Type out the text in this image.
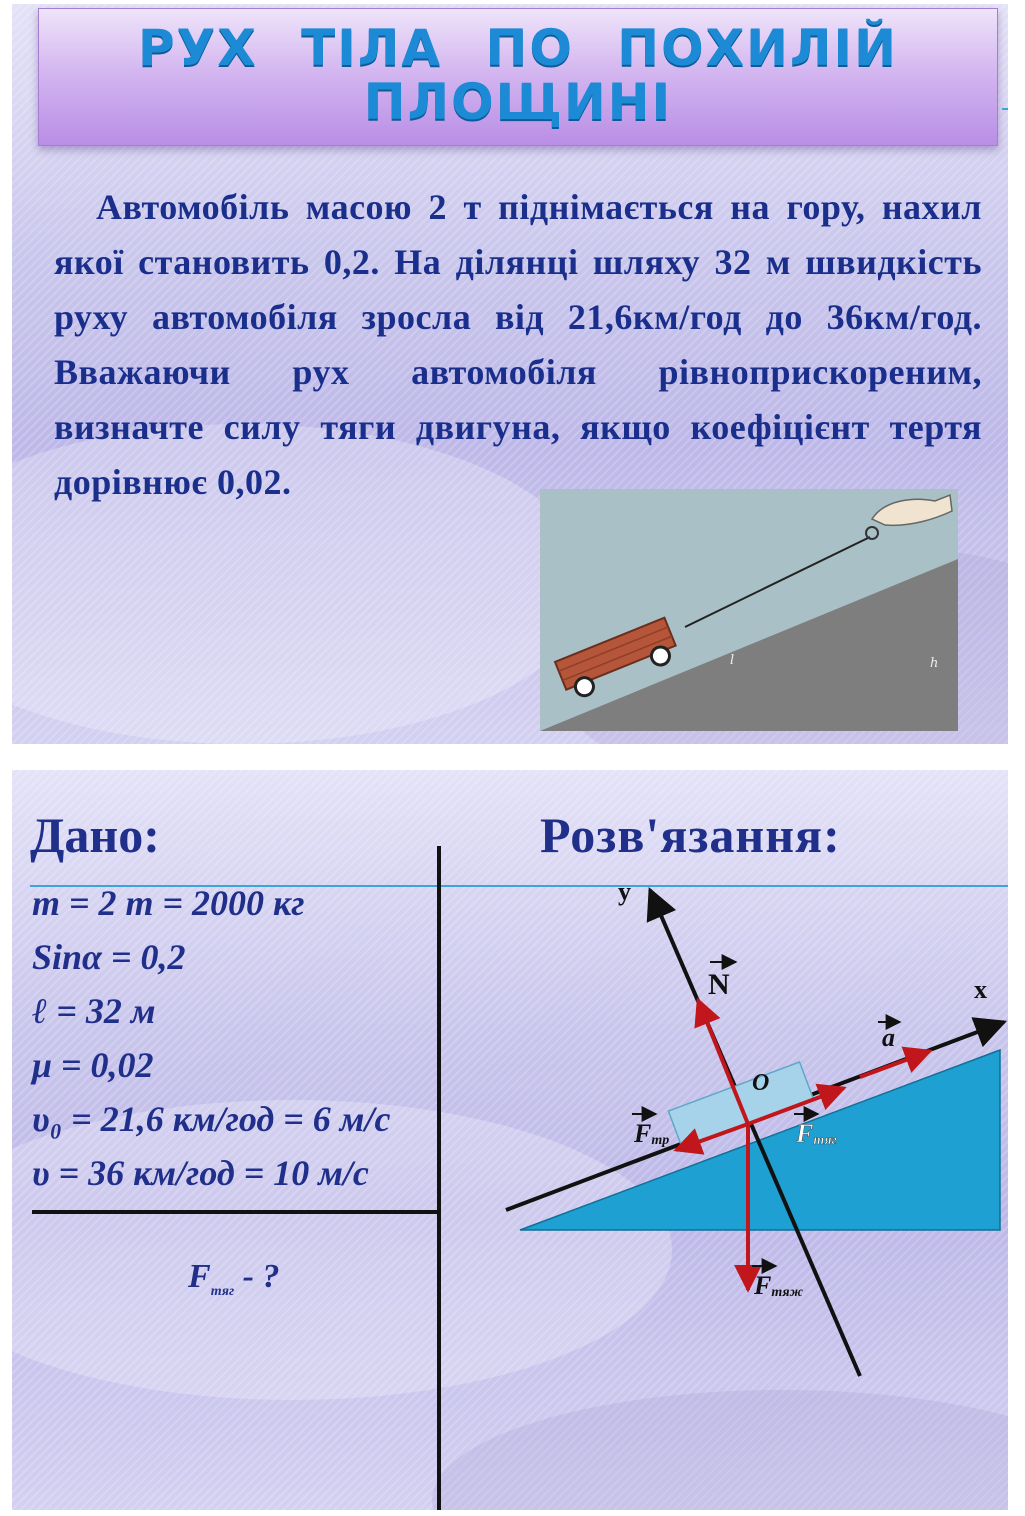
РУХ ТІЛА ПО ПОХИЛІЙ
ПЛОЩИНІ
Автомобіль масою 2 т піднімається на гору, нахил якої становить 0,2. На ділянці шляху 32 м швидкість руху автомобіля зросла від 21,6км/год до 36км/год. Вважаючи рух автомобіля рівноприскореним, визначте силу тяги двигуна, якщо коефіцієнт тертя дорівнює 0,02.
l	h
Дано:	Розв'язання:
m = 2 т = 2000 кг
Sinα = 0,2
ℓ = 32 м
μ = 0,02
υ₀ = 21,6 км/год = 6 м/с
υ = 36 км/год = 10 м/с
$F_{тяг}$ - ?
y
x
O
N
a
Fтр	Fтяг
Fтяж
